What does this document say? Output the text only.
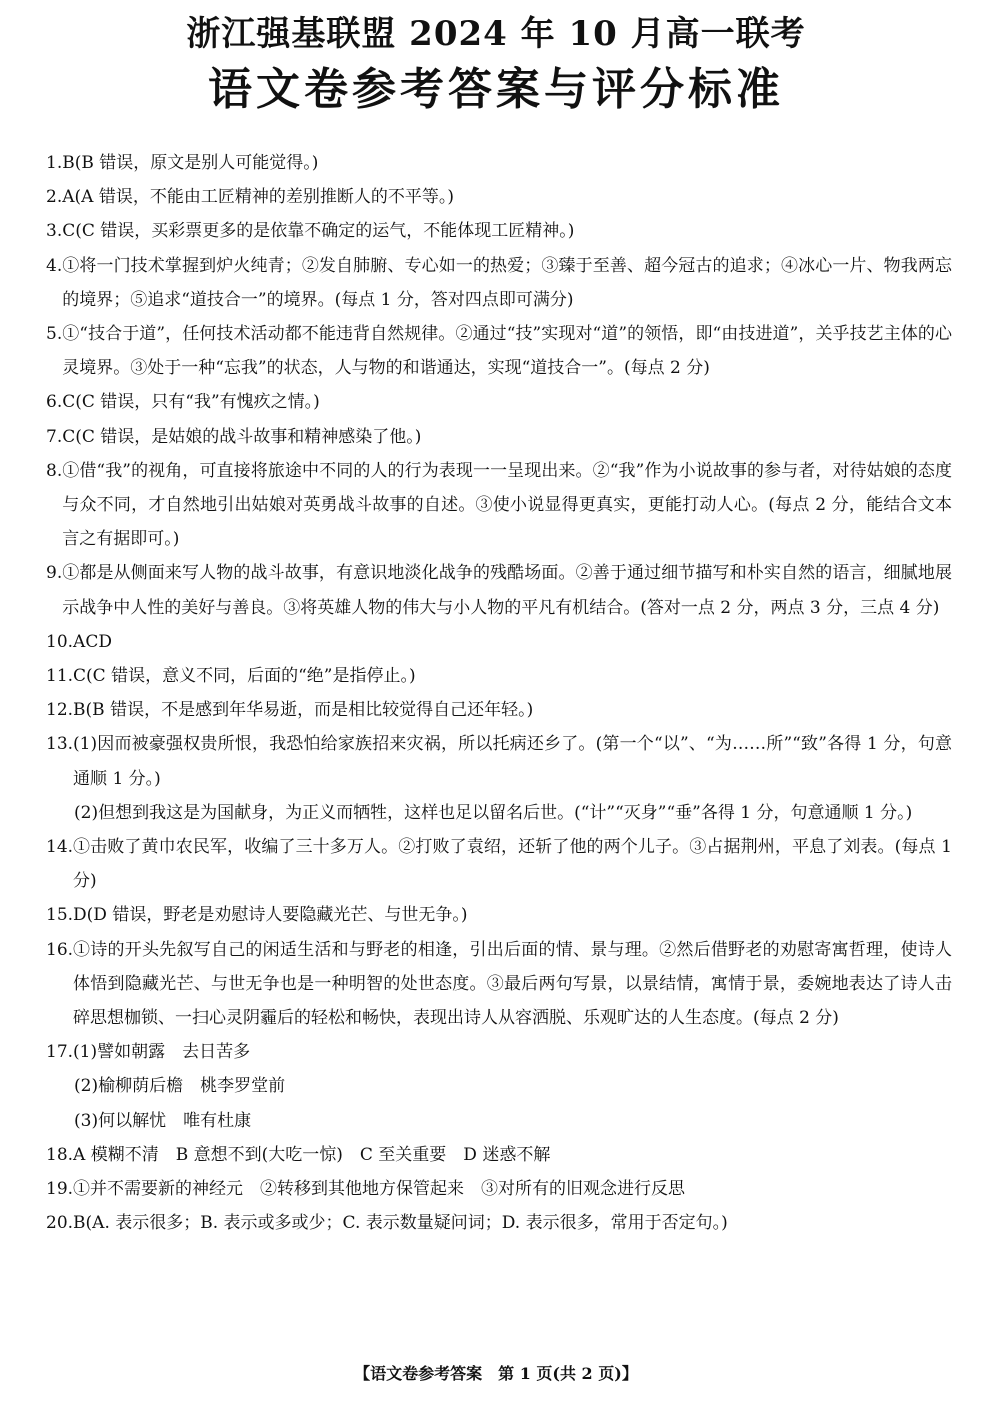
浙江强基联盟 2024 年 10 月高一联考
语文卷参考答案与评分标准
1. B(B 错误，原文是别人可能觉得。)
2. A(A 错误，不能由工匠精神的差别推断人的不平等。)
3. C(C 错误，买彩票更多的是依靠不确定的运气，不能体现工匠精神。)
4. ①将一门技术掌握到炉火纯青；②发自肺腑、专心如一的热爱；③臻于至善、超今冠古的追求；④冰心一片、物我两忘的境界；⑤追求“道技合一”的境界。(每点 1 分，答对四点即可满分)
5. ①“技合于道”，任何技术活动都不能违背自然规律。②通过“技”实现对“道”的领悟，即“由技进道”，关乎技艺主体的心灵境界。③处于一种“忘我”的状态，人与物的和谐通达，实现“道技合一”。(每点 2 分)
6. C(C 错误，只有“我”有愧疚之情。)
7. C(C 错误，是姑娘的战斗故事和精神感染了他。)
8. ①借“我”的视角，可直接将旅途中不同的人的行为表现一一呈现出来。②“我”作为小说故事的参与者，对待姑娘的态度与众不同，才自然地引出姑娘对英勇战斗故事的自述。③使小说显得更真实，更能打动人心。(每点 2 分，能结合文本言之有据即可。)
9. ①都是从侧面来写人物的战斗故事，有意识地淡化战争的残酷场面。②善于通过细节描写和朴实自然的语言，细腻地展示战争中人性的美好与善良。③将英雄人物的伟大与小人物的平凡有机结合。(答对一点 2 分，两点 3 分，三点 4 分)
10. ACD
11. C(C 错误，意义不同，后面的“绝”是指停止。)
12. B(B 错误，不是感到年华易逝，而是相比较觉得自己还年轻。)
13. (1)因而被豪强权贵所恨，我恐怕给家族招来灾祸，所以托病还乡了。(第一个“以”、“为……所”“致”各得 1 分，句意通顺 1 分。)
(2)但想到我这是为国献身，为正义而牺牲，这样也足以留名后世。(“计”“灭身”“垂”各得 1 分，句意通顺 1 分。)
14. ①击败了黄巾农民军，收编了三十多万人。②打败了袁绍，还斩了他的两个儿子。③占据荆州，平息了刘表。(每点 1 分)
15. D(D 错误，野老是劝慰诗人要隐藏光芒、与世无争。)
16. ①诗的开头先叙写自己的闲适生活和与野老的相逢，引出后面的情、景与理。②然后借野老的劝慰寄寓哲理，使诗人体悟到隐藏光芒、与世无争也是一种明智的处世态度。③最后两句写景，以景结情，寓情于景，委婉地表达了诗人击碎思想枷锁、一扫心灵阴霾后的轻松和畅快，表现出诗人从容洒脱、乐观旷达的人生态度。(每点 2 分)
17. (1)譬如朝露　去日苦多
(2)榆柳荫后檐　桃李罗堂前
(3)何以解忧　唯有杜康
18. A 模糊不清　B 意想不到(大吃一惊)　C 至关重要　D 迷惑不解
19. ①并不需要新的神经元　②转移到其他地方保管起来　③对所有的旧观念进行反思
20. B(A. 表示很多；B. 表示或多或少；C. 表示数量疑问词；D. 表示很多，常用于否定句。)
【语文卷参考答案　第 1 页(共 2 页)】
